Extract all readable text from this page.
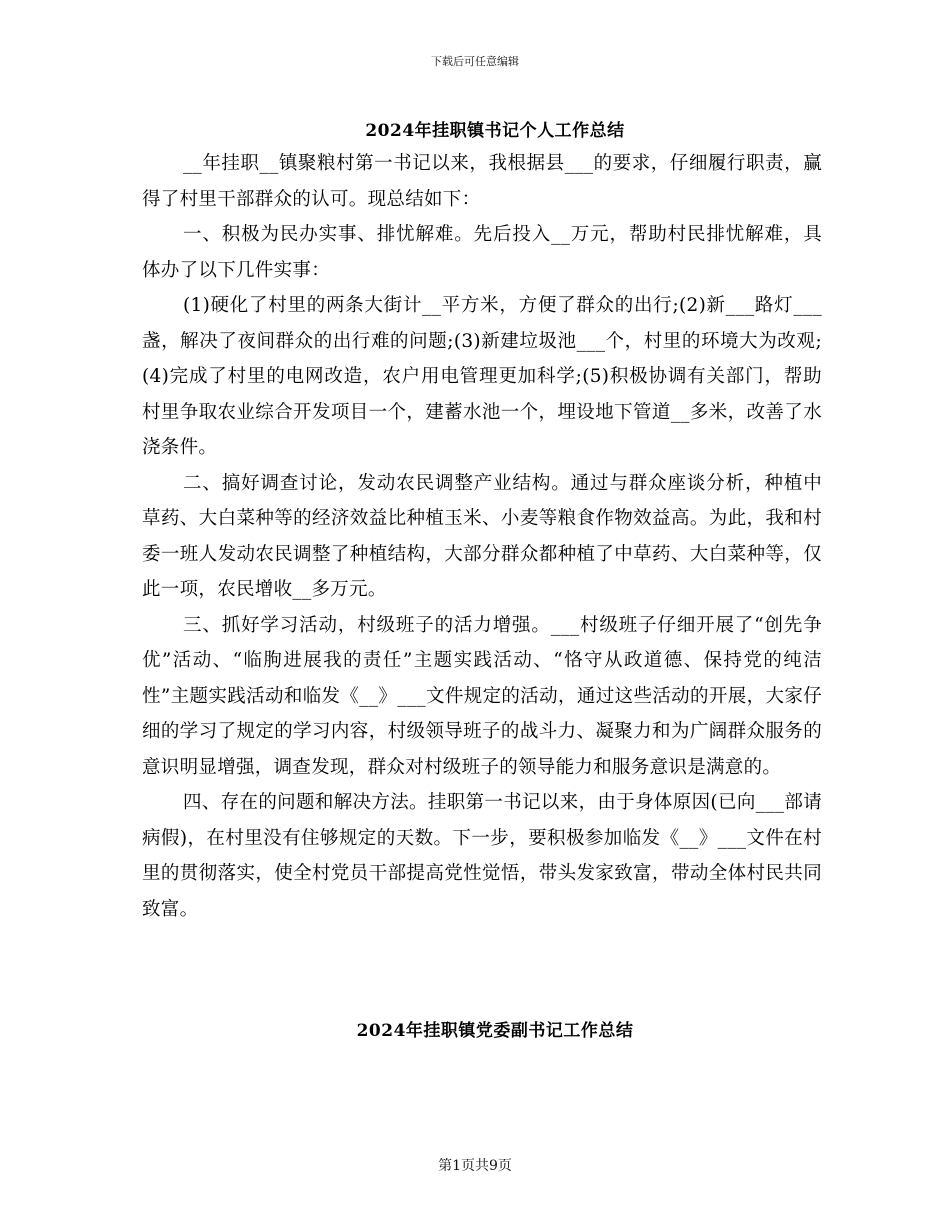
下载后可任意编辑
2024年挂职镇书记个人工作总结

__年挂职__镇聚粮村第一书记以来，我根据县___的要求，仔细履行职责，赢得了村里干部群众的认可。现总结如下：

一、积极为民办实事、排忧解难。先后投入__万元，帮助村民排忧解难，具体办了以下几件实事：

(1)硬化了村里的两条大街计__平方米，方便了群众的出行;(2)新___路灯___盏，解决了夜间群众的出行难的问题;(3)新建垃圾池___个，村里的环境大为改观;(4)完成了村里的电网改造，农户用电管理更加科学;(5)积极协调有关部门，帮助村里争取农业综合开发项目一个，建蓄水池一个，埋设地下管道__多米，改善了水浇条件。

二、搞好调查讨论，发动农民调整产业结构。通过与群众座谈分析，种植中草药、大白菜种等的经济效益比种植玉米、小麦等粮食作物效益高。为此，我和村委一班人发动农民调整了种植结构，大部分群众都种植了中草药、大白菜种等，仅此一项，农民增收__多万元。

三、抓好学习活动，村级班子的活力增强。___村级班子仔细开展了“创先争优”活动、“临朐进展我的责任”主题实践活动、“恪守从政道德、保持党的纯洁性”主题实践活动和临发《__》___文件规定的活动，通过这些活动的开展，大家仔细的学习了规定的学习内容，村级领导班子的战斗力、凝聚力和为广阔群众服务的意识明显增强，调查发现，群众对村级班子的领导能力和服务意识是满意的。

四、存在的问题和解决方法。挂职第一书记以来，由于身体原因(已向___部请病假)，在村里没有住够规定的天数。下一步，要积极参加临发《__》___文件在村里的贯彻落实，使全村党员干部提高党性觉悟，带头发家致富，带动全体村民共同致富。

2024年挂职镇党委副书记工作总结
第1页共9页
